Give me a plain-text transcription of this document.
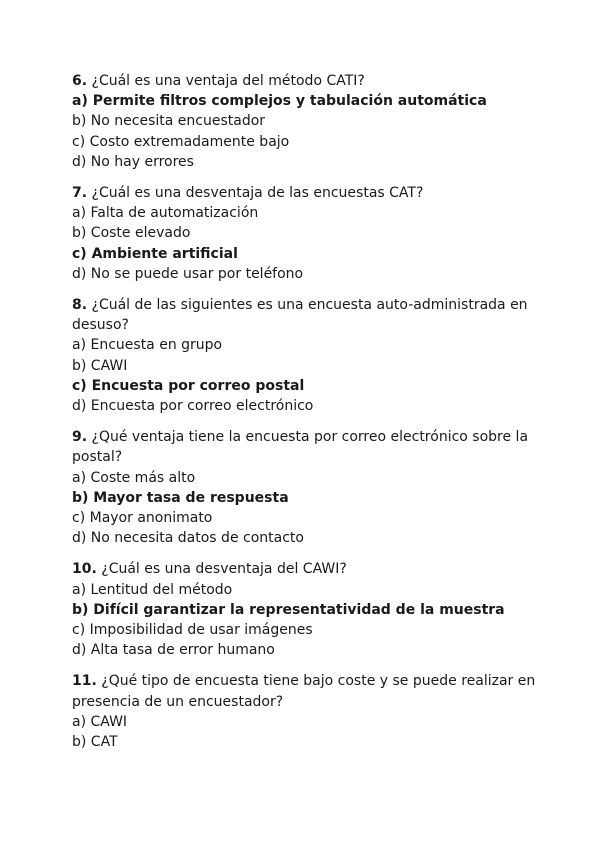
6. ¿Cuál es una ventaja del método CATI?

a) Permite filtros complejos y tabulación automática

b) No necesita encuestador

c) Costo extremadamente bajo

d) No hay errores

7. ¿Cuál es una desventaja de las encuestas CAT?

a) Falta de automatización

b) Coste elevado

c) Ambiente artificial

d) No se puede usar por teléfono

8. ¿Cuál de las siguientes es una encuesta auto-administrada en desuso?

a) Encuesta en grupo

b) CAWI

c) Encuesta por correo postal

d) Encuesta por correo electrónico

9. ¿Qué ventaja tiene la encuesta por correo electrónico sobre la postal?

a) Coste más alto

b) Mayor tasa de respuesta

c) Mayor anonimato

d) No necesita datos de contacto

10. ¿Cuál es una desventaja del CAWI?

a) Lentitud del método

b) Difícil garantizar la representatividad de la muestra

c) Imposibilidad de usar imágenes

d) Alta tasa de error humano

11. ¿Qué tipo de encuesta tiene bajo coste y se puede realizar en presencia de un encuestador?

a) CAWI

b) CAT
